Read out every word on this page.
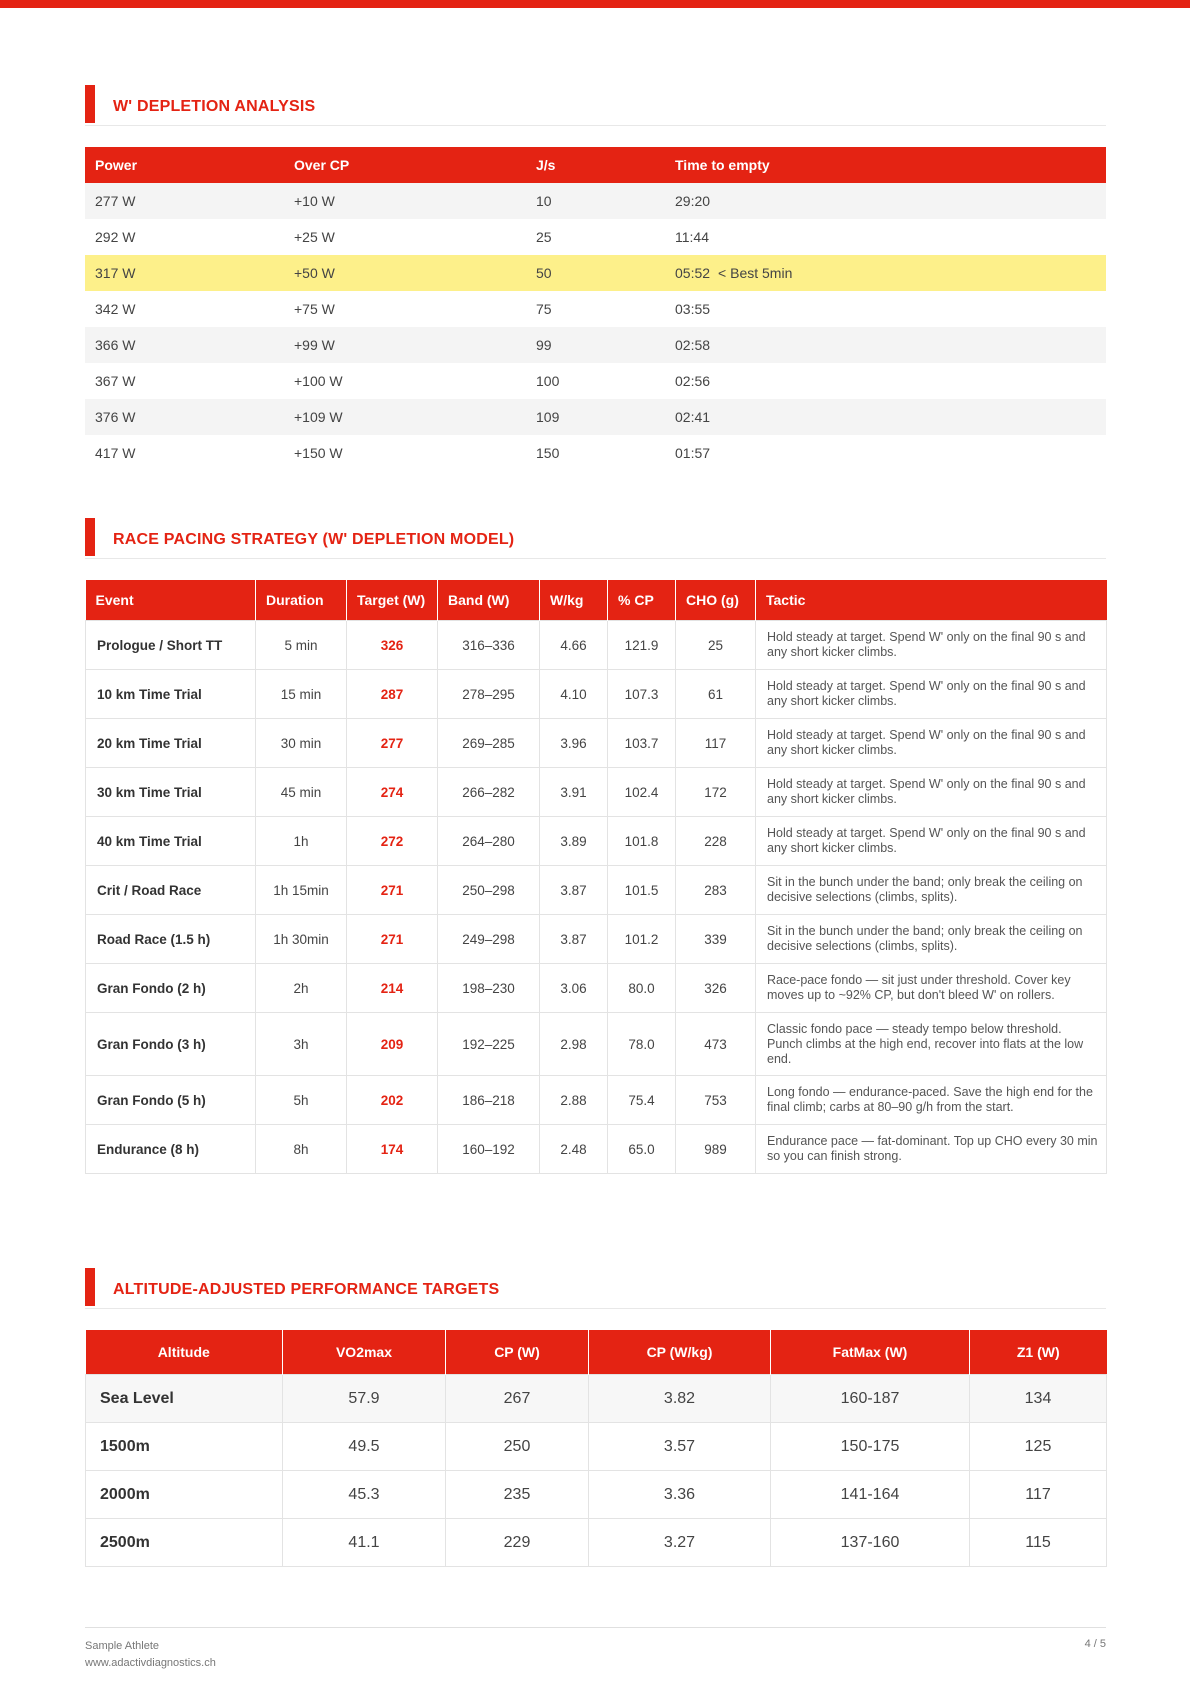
W' DEPLETION ANALYSIS
Power	Over CP	J/s	Time to empty
277 W	+10 W	10	29:20
292 W	+25 W	25	11:44
317 W	+50 W	50	05:52 < Best 5min
342 W	+75 W	75	03:55
366 W	+99 W	99	02:58
367 W	+100 W	100	02:56
376 W	+109 W	109	02:41
417 W	+150 W	150	01:57
RACE PACING STRATEGY (W' DEPLETION MODEL)
Event	Duration	Target (W)	Band (W)	W/kg	% CP	CHO (g)	Tactic
Prologue / Short TT	5 min	326	316–336	4.66	121.9	25	Hold steady at target. Spend W' only on the final 90 s and any short kicker climbs.
10 km Time Trial	15 min	287	278–295	4.10	107.3	61	Hold steady at target. Spend W' only on the final 90 s and any short kicker climbs.
20 km Time Trial	30 min	277	269–285	3.96	103.7	117	Hold steady at target. Spend W' only on the final 90 s and any short kicker climbs.
30 km Time Trial	45 min	274	266–282	3.91	102.4	172	Hold steady at target. Spend W' only on the final 90 s and any short kicker climbs.
40 km Time Trial	1h	272	264–280	3.89	101.8	228	Hold steady at target. Spend W' only on the final 90 s and any short kicker climbs.
Crit / Road Race	1h 15min	271	250–298	3.87	101.5	283	Sit in the bunch under the band; only break the ceiling on decisive selections (climbs, splits).
Road Race (1.5 h)	1h 30min	271	249–298	3.87	101.2	339	Sit in the bunch under the band; only break the ceiling on decisive selections (climbs, splits).
Gran Fondo (2 h)	2h	214	198–230	3.06	80.0	326	Race-pace fondo — sit just under threshold. Cover key moves up to ~92% CP, but don't bleed W' on rollers.
Gran Fondo (3 h)	3h	209	192–225	2.98	78.0	473	Classic fondo pace — steady tempo below threshold. Punch climbs at the high end, recover into flats at the low end.
Gran Fondo (5 h)	5h	202	186–218	2.88	75.4	753	Long fondo — endurance-paced. Save the high end for the final climb; carbs at 80–90 g/h from the start.
Endurance (8 h)	8h	174	160–192	2.48	65.0	989	Endurance pace — fat-dominant. Top up CHO every 30 min so you can finish strong.
ALTITUDE-ADJUSTED PERFORMANCE TARGETS
Altitude	VO2max	CP (W)	CP (W/kg)	FatMax (W)	Z1 (W)
Sea Level	57.9	267	3.82	160-187	134
1500m	49.5	250	3.57	150-175	125
2000m	45.3	235	3.36	141-164	117
2500m	41.1	229	3.27	137-160	115
Sample Athlete
www.adactivdiagnostics.ch
4 / 5
